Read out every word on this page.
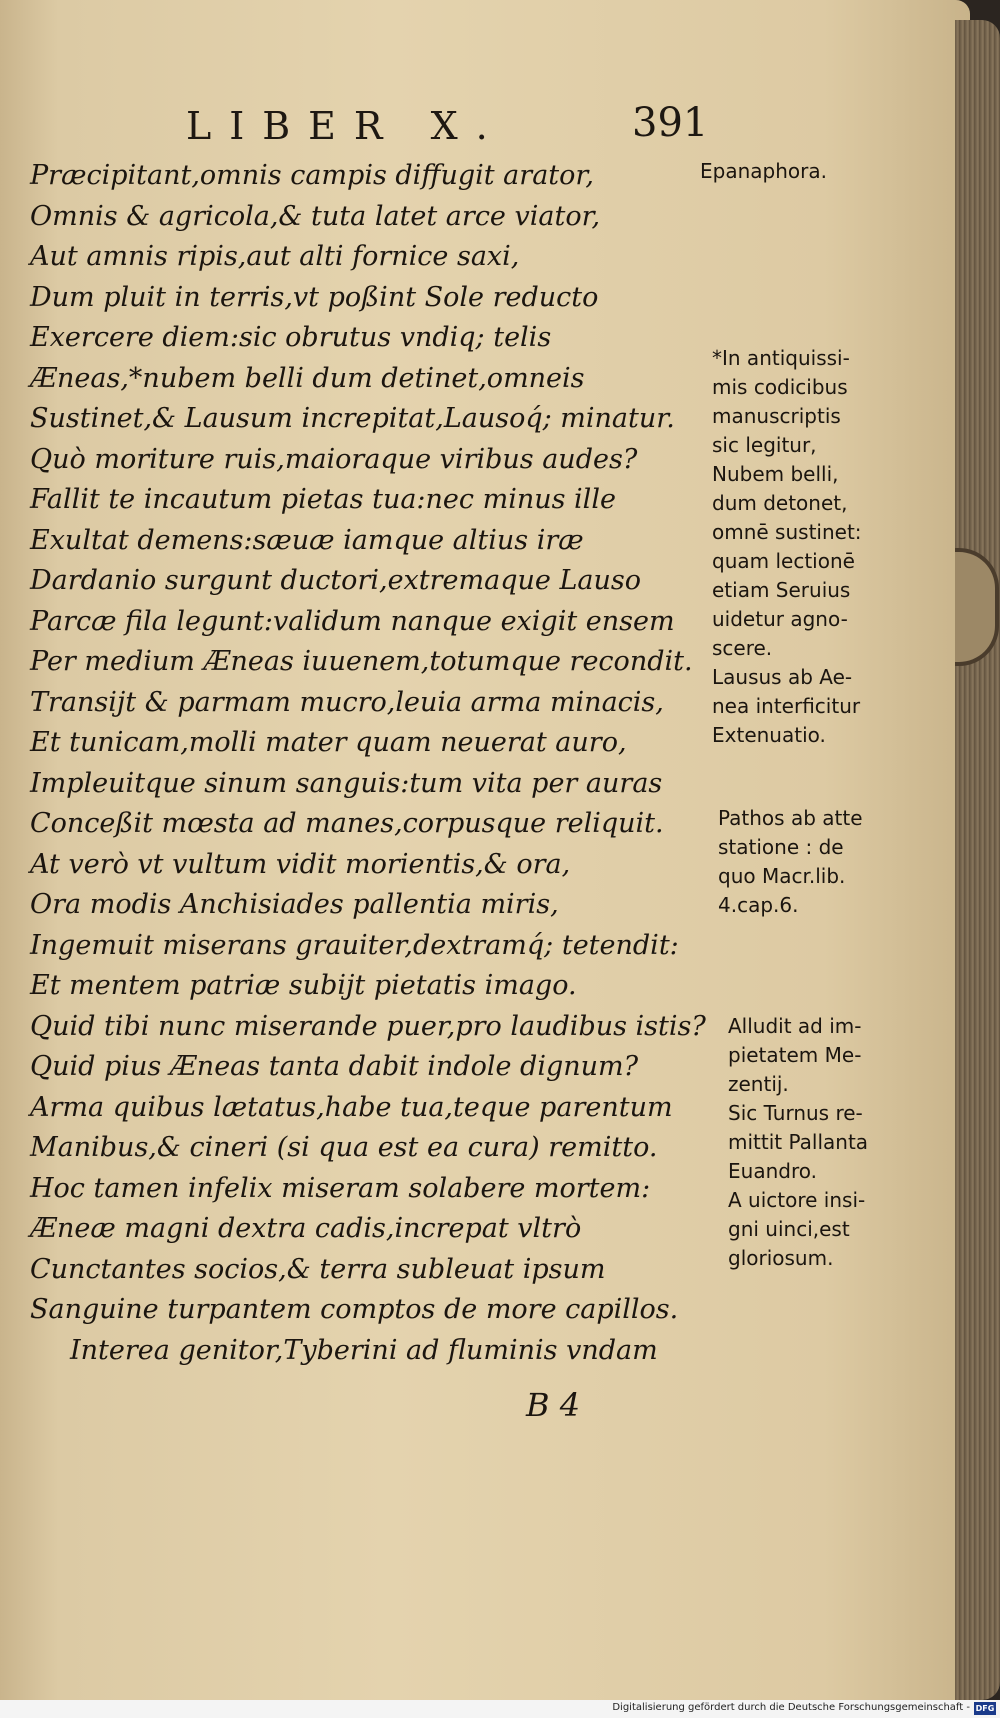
LIBER X.	391
Præcipitant,omnis campis diffugit arator,
Omnis & agricola,& tuta latet arce viator,
Aut amnis ripis,aut alti fornice saxi,
Dum pluit in terris,vt poßint Sole reducto
Exercere diem:sic obrutus vndiq; telis
Æneas,*nubem belli dum detinet,omneis
Sustinet,& Lausum increpitat,Lausoq́; minatur.
Quò moriture ruis,maioraque viribus audes?
Fallit te incautum pietas tua:nec minus ille
Exultat demens:sæuæ iamque altius iræ
Dardanio surgunt ductori,extremaque Lauso
Parcæ fila legunt:validum nanque exigit ensem
Per medium Æneas iuuenem,totumque recondit.
Transijt & parmam mucro,leuia arma minacis,
Et tunicam,molli mater quam neuerat auro,
Impleuitque sinum sanguis:tum vita per auras
Conceßit mœsta ad manes,corpusque reliquit.
At verò vt vultum vidit morientis,& ora,
Ora modis Anchisiades pallentia miris,
Ingemuit miserans grauiter,dextramq́; tetendit:
Et mentem patriæ subijt pietatis imago.
Quid tibi nunc miserande puer,pro laudibus istis?
Quid pius Æneas tanta dabit indole dignum?
Arma quibus lætatus,habe tua,teque parentum
Manibus,& cineri (si qua est ea cura) remitto.
Hoc tamen infelix miseram solabere mortem:
Æneæ magni dextra cadis,increpat vltrò
Cunctantes socios,& terra subleuat ipsum
Sanguine turpantem comptos de more capillos.
Interea genitor,Tyberini ad fluminis vndam
B 4
Epanaphora.
*In antiquissi-
mis codicibus
manuscriptis
sic legitur,
Nubem belli,
dum detonet,
omnē sustinet:
quam lectionē
etiam Seruius
uidetur agno-
scere.
Lausus ab Ae-
nea interficitur
Extenuatio.
Pathos ab atte
statione : de
quo Macr.lib.
4.cap.6.
Alludit ad im-
pietatem Me-
zentij.
Sic Turnus re-
mittit Pallanta
Euandro.
A uictore insi-
gni uinci,est
gloriosum.
Digitalisierung gefördert durch die Deutsche Forschungsgemeinschaft - DFG
